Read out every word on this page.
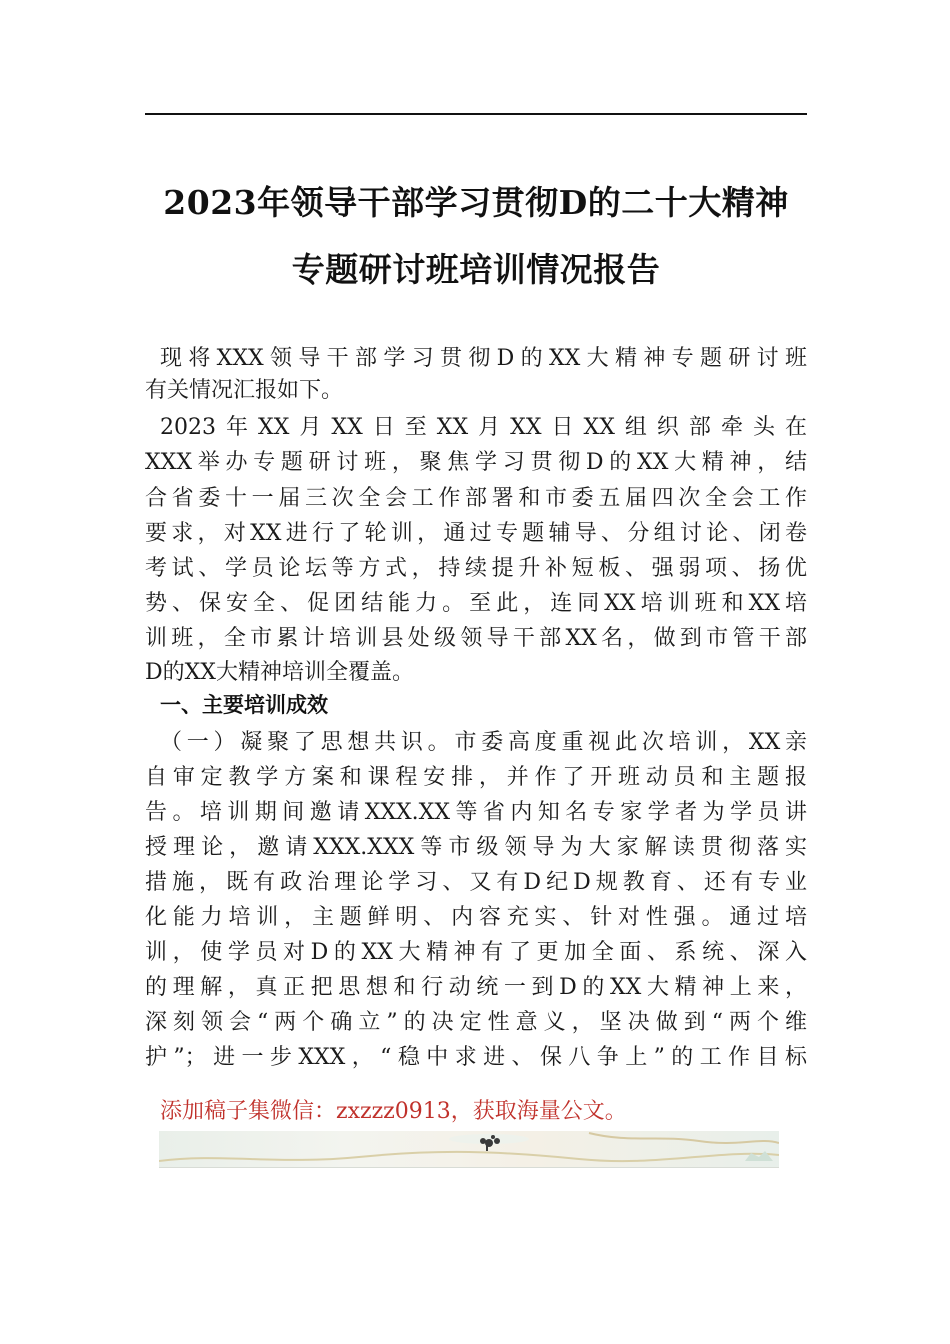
2023年领导干部学习贯彻D的二十大精神
专题研讨班培训情况报告
现将XXX领导干部学习贯彻D的XX大精神专题研讨班
有关情况汇报如下。
2023年XX月XX日至XX月XX日XX组织部牵头在
XXX举办专题研讨班，聚焦学习贯彻D的XX大精神，结
合省委十一届三次全会工作部署和市委五届四次全会工作
要求，对XX进行了轮训，通过专题辅导、分组讨论、闭卷
考试、学员论坛等方式，持续提升补短板、强弱项、扬优
势、保安全、促团结能力。至此，连同XX培训班和XX培
训班，全市累计培训县处级领导干部XX名，做到市管干部
D的XX大精神培训全覆盖。
一、主要培训成效
（一）凝聚了思想共识。市委高度重视此次培训，XX亲
自审定教学方案和课程安排，并作了开班动员和主题报
告。培训期间邀请XXX.XX等省内知名专家学者为学员讲
授理论，邀请XXX.XXX等市级领导为大家解读贯彻落实
措施，既有政治理论学习、又有D纪D规教育、还有专业
化能力培训，主题鲜明、内容充实、针对性强。通过培
训，使学员对D的XX大精神有了更加全面、系统、深入
的理解，真正把思想和行动统一到D的XX大精神上来，
深刻领会“两个确立”的决定性意义，坚决做到“两个维
护”；进一步XXX，“稳中求进、保八争上”的工作目标
添加稿子集微信：zxzzz0913，获取海量公文。
